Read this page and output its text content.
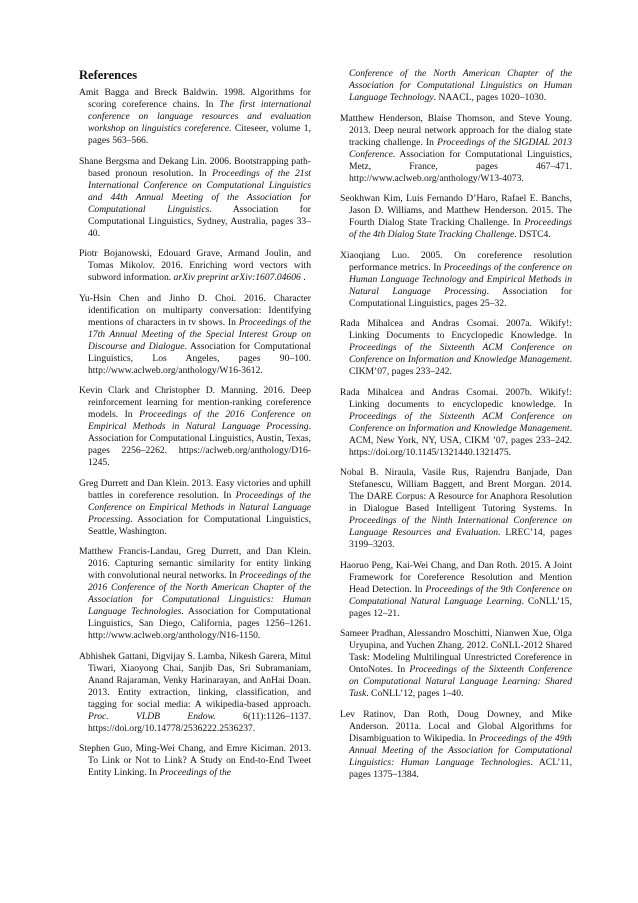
References
Amit Bagga and Breck Baldwin. 1998. Algorithms for scoring coreference chains. In The first international conference on language resources and evaluation workshop on linguistics coreference. Citeseer, volume 1, pages 563–566.
Shane Bergsma and Dekang Lin. 2006. Bootstrapping path-based pronoun resolution. In Proceedings of the 21st International Conference on Computational Linguistics and 44th Annual Meeting of the Association for Computational Linguistics. Association for Computational Linguistics, Sydney, Australia, pages 33–40.
Piotr Bojanowski, Edouard Grave, Armand Joulin, and Tomas Mikolov. 2016. Enriching word vectors with subword information. arXiv preprint arXiv:1607.04606 .
Yu-Hsin Chen and Jinho D. Choi. 2016. Character identification on multiparty conversation: Identifying mentions of characters in tv shows. In Proceedings of the 17th Annual Meeting of the Special Interest Group on Discourse and Dialogue. Association for Computational Linguistics, Los Angeles, pages 90–100. http://www.aclweb.org/anthology/W16-3612.
Kevin Clark and Christopher D. Manning. 2016. Deep reinforcement learning for mention-ranking coreference models. In Proceedings of the 2016 Conference on Empirical Methods in Natural Language Processing. Association for Computational Linguistics, Austin, Texas, pages 2256–2262. https://aclweb.org/anthology/D16-1245.
Greg Durrett and Dan Klein. 2013. Easy victories and uphill battles in coreference resolution. In Proceedings of the Conference on Empirical Methods in Natural Language Processing. Association for Computational Linguistics, Seattle, Washington.
Matthew Francis-Landau, Greg Durrett, and Dan Klein. 2016. Capturing semantic similarity for entity linking with convolutional neural networks. In Proceedings of the 2016 Conference of the North American Chapter of the Association for Computational Linguistics: Human Language Technologies. Association for Computational Linguistics, San Diego, California, pages 1256–1261. http://www.aclweb.org/anthology/N16-1150.
Abhishek Gattani, Digvijay S. Lamba, Nikesh Garera, Mitul Tiwari, Xiaoyong Chai, Sanjib Das, Sri Subramaniam, Anand Rajaraman, Venky Harinarayan, and AnHai Doan. 2013. Entity extraction, linking, classification, and tagging for social media: A wikipedia-based approach. Proc. VLDB Endow. 6(11):1126–1137. https://doi.org/10.14778/2536222.2536237.
Stephen Guo, Ming-Wei Chang, and Emre Kiciman. 2013. To Link or Not to Link? A Study on End-to-End Tweet Entity Linking. In Proceedings of the
Conference of the North American Chapter of the Association for Computational Linguistics on Human Language Technology. NAACL, pages 1020–1030.
Matthew Henderson, Blaise Thomson, and Steve Young. 2013. Deep neural network approach for the dialog state tracking challenge. In Proceedings of the SIGDIAL 2013 Conference. Association for Computational Linguistics, Metz, France, pages 467–471. http://www.aclweb.org/anthology/W13-4073.
Seokhwan Kim, Luis Fernando D’Haro, Rafael E. Banchs, Jason D. Williams, and Matthew Henderson. 2015. The Fourth Dialog State Tracking Challenge. In Proceedings of the 4th Dialog State Tracking Challenge. DSTC4.
Xiaoqiang Luo. 2005. On coreference resolution performance metrics. In Proceedings of the conference on Human Language Technology and Empirical Methods in Natural Language Processing. Association for Computational Linguistics, pages 25–32.
Rada Mihalcea and Andras Csomai. 2007a. Wikify!: Linking Documents to Encyclopedic Knowledge. In Proceedings of the Sixteenth ACM Conference on Conference on Information and Knowledge Management. CIKM’07, pages 233–242.
Rada Mihalcea and Andras Csomai. 2007b. Wikify!: Linking documents to encyclopedic knowledge. In Proceedings of the Sixteenth ACM Conference on Conference on Information and Knowledge Management. ACM, New York, NY, USA, CIKM ’07, pages 233–242. https://doi.org/10.1145/1321440.1321475.
Nobal B. Niraula, Vasile Rus, Rajendra Banjade, Dan Stefanescu, William Baggett, and Brent Morgan. 2014. The DARE Corpus: A Resource for Anaphora Resolution in Dialogue Based Intelligent Tutoring Systems. In Proceedings of the Ninth International Conference on Language Resources and Evaluation. LREC’14, pages 3199–3203.
Haoruo Peng, Kai-Wei Chang, and Dan Roth. 2015. A Joint Framework for Coreference Resolution and Mention Head Detection. In Proceedings of the 9th Conference on Computational Natural Language Learning. CoNLL’15, pages 12–21.
Sameer Pradhan, Alessandro Moschitti, Nianwen Xue, Olga Uryupina, and Yuchen Zhang. 2012. CoNLL-2012 Shared Task: Modeling Multilingual Unrestricted Coreference in OntoNotes. In Proceedings of the Sixteenth Conference on Computational Natural Language Learning: Shared Task. CoNLL’12, pages 1–40.
Lev Ratinov, Dan Roth, Doug Downey, and Mike Anderson. 2011a. Local and Global Algorithms for Disambiguation to Wikipedia. In Proceedings of the 49th Annual Meeting of the Association for Computational Linguistics: Human Language Technologies. ACL’11, pages 1375–1384.
